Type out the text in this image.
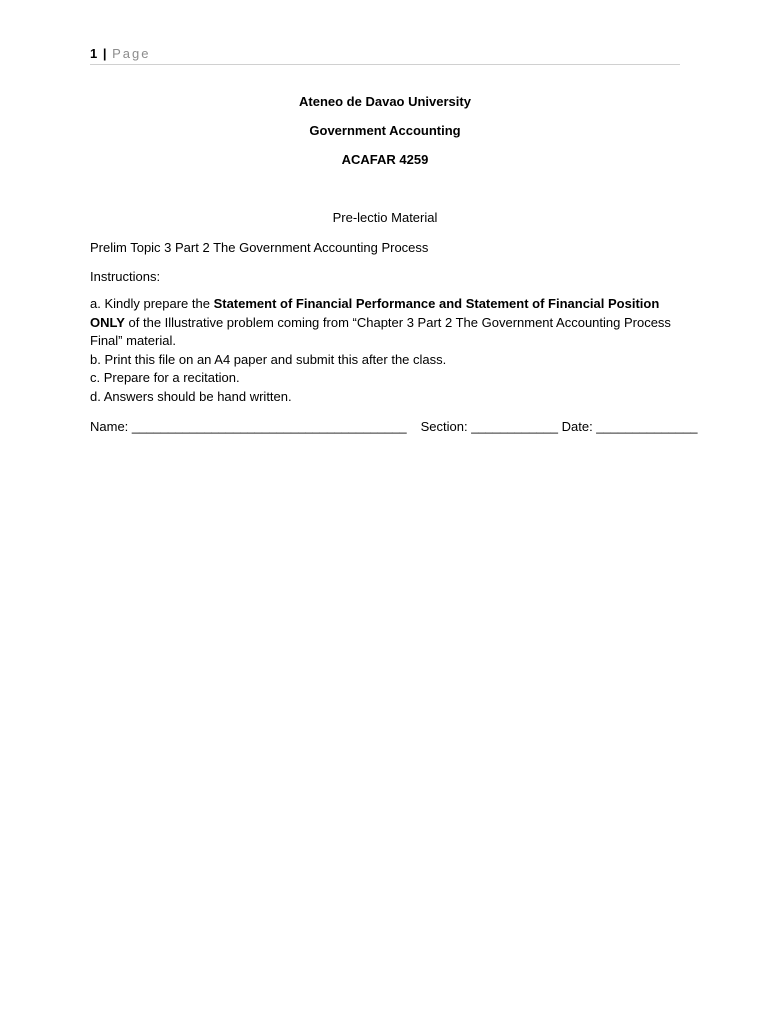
1 | Page
Ateneo de Davao University
Government Accounting
ACAFAR 4259
Pre-lectio Material
Prelim Topic 3 Part 2 The Government Accounting Process
Instructions:

a. Kindly prepare the Statement of Financial Performance and Statement of Financial Position ONLY of the Illustrative problem coming from “Chapter 3 Part 2 The Government Accounting Process Final” material.

b. Print this file on an A4 paper and submit this after the class.

c. Prepare for a recitation.

d. Answers should be hand written.

Name: ______________________________________ Section: ____________ Date: ______________
